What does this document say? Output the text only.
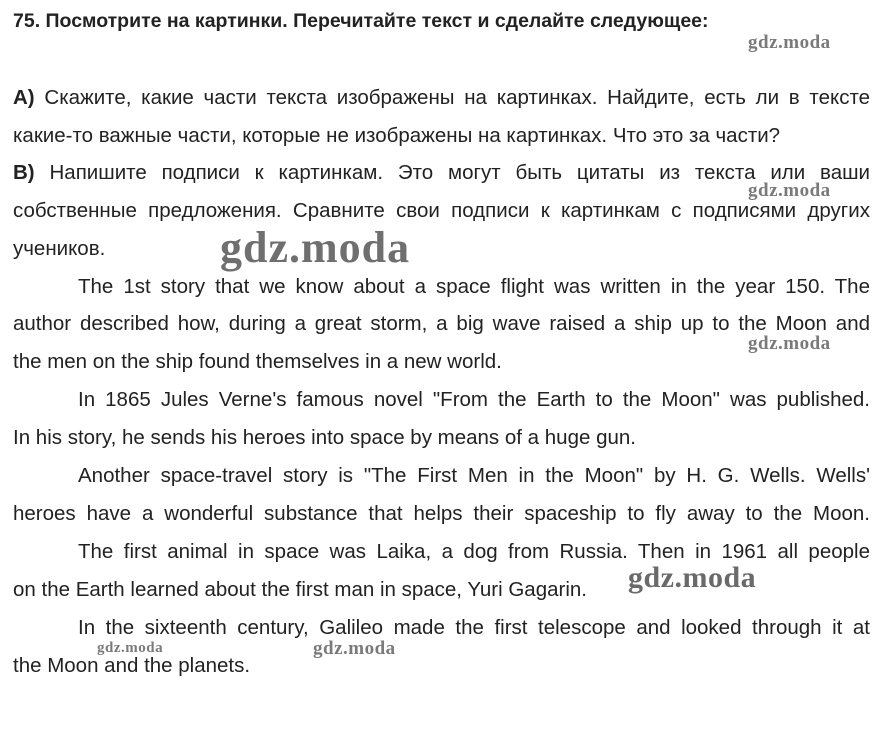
75. Посмотрите на картинки. Перечитайте текст и сделайте следующее:
А) Скажите, какие части текста изображены на картинках. Найдите, есть ли в тексте
какие-то важные части, которые не изображены на картинках. Что это за части?
В) Напишите подписи к картинкам. Это могут быть цитаты из текста или ваши
собственные предложения. Сравните свои подписи к картинкам с подписями других
учеников.
The 1st story that we know about a space flight was written in the year 150. The
author described how, during a great storm, a big wave raised a ship up to the Moon and
the men on the ship found themselves in a new world.
In 1865 Jules Verne's famous novel "From the Earth to the Moon" was published.
In his story, he sends his heroes into space by means of a huge gun.
Another space-travel story is "The First Men in the Moon" by H. G. Wells. Wells'
heroes have a wonderful substance that helps their spaceship to fly away to the Moon.
The first animal in space was Laika, a dog from Russia. Then in 1961 all people
on the Earth learned about the first man in space, Yuri Gagarin.
In the sixteenth century, Galileo made the first telescope and looked through it at
the Moon and the planets.
gdz.moda
gdz.moda
gdz.moda
gdz.moda
gdz.moda
gdz.moda	gdz.moda
